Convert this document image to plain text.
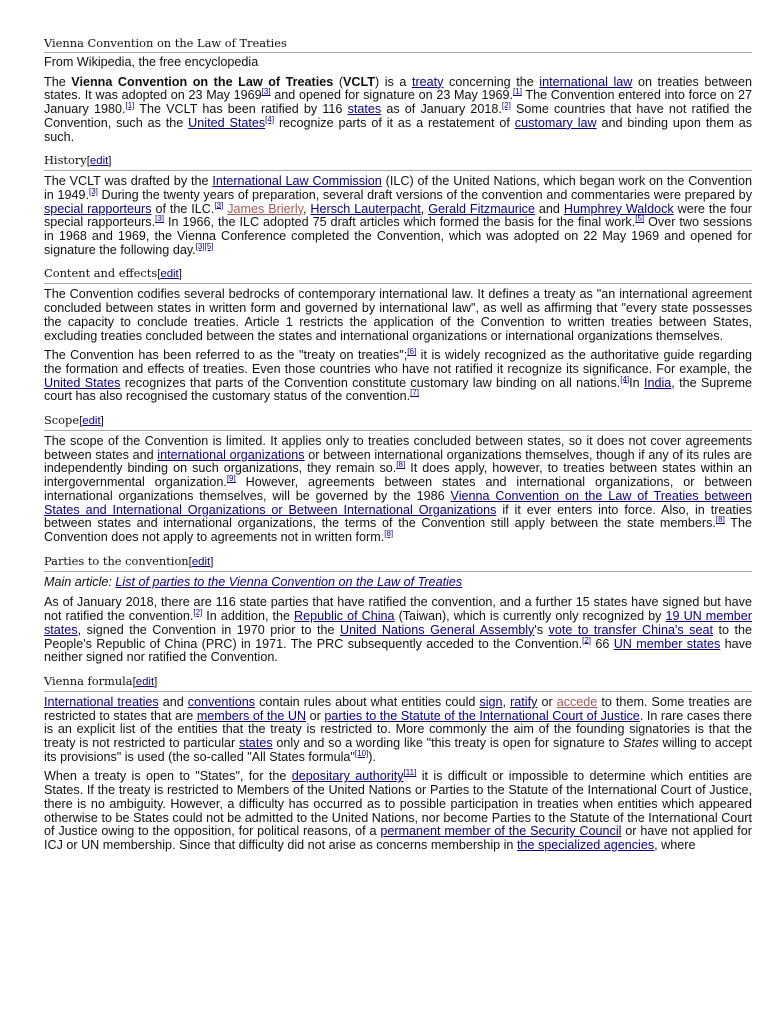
Vienna Convention on the Law of Treaties
From Wikipedia, the free encyclopedia

The Vienna Convention on the Law of Treaties (VCLT) is a treaty concerning the international law on treaties between states. It was adopted on 23 May 1969[3] and opened for signature on 23 May 1969.[1] The Convention entered into force on 27 January 1980.[1] The VCLT has been ratified by 116 states as of January 2018.[2] Some countries that have not ratified the Convention, such as the United States[4] recognize parts of it as a restatement of customary law and binding upon them as such.

History[edit]

The VCLT was drafted by the International Law Commission (ILC) of the United Nations, which began work on the Convention in 1949.[3] During the twenty years of preparation, several draft versions of the convention and commentaries were prepared by special rapporteurs of the ILC.[3] James Brierly, Hersch Lauterpacht, Gerald Fitzmaurice and Humphrey Waldock were the four special rapporteurs.[3] In 1966, the ILC adopted 75 draft articles which formed the basis for the final work.[5] Over two sessions in 1968 and 1969, the Vienna Conference completed the Convention, which was adopted on 22 May 1969 and opened for signature the following day.[3][5]

Content and effects[edit]

The Convention codifies several bedrocks of contemporary international law. It defines a treaty as "an international agreement concluded between states in written form and governed by international law", as well as affirming that "every state possesses the capacity to conclude treaties. Article 1 restricts the application of the Convention to written treaties between States, excluding treaties concluded between the states and international organizations or international organizations themselves.

The Convention has been referred to as the "treaty on treaties";[6] it is widely recognized as the authoritative guide regarding the formation and effects of treaties. Even those countries who have not ratified it recognize its significance. For example, the United States recognizes that parts of the Convention constitute customary law binding on all nations.[4]In India, the Supreme court has also recognised the customary status of the convention.[7]

Scope[edit]

The scope of the Convention is limited. It applies only to treaties concluded between states, so it does not cover agreements between states and international organizations or between international organizations themselves, though if any of its rules are independently binding on such organizations, they remain so.[8] It does apply, however, to treaties between states within an intergovernmental organization.[9] However, agreements between states and international organizations, or between international organizations themselves, will be governed by the 1986 Vienna Convention on the Law of Treaties between States and International Organizations or Between International Organizations if it ever enters into force. Also, in treaties between states and international organizations, the terms of the Convention still apply between the state members.[8] The Convention does not apply to agreements not in written form.[8]

Parties to the convention[edit]
Main article: List of parties to the Vienna Convention on the Law of Treaties

As of January 2018, there are 116 state parties that have ratified the convention, and a further 15 states have signed but have not ratified the convention.[2] In addition, the Republic of China (Taiwan), which is currently only recognized by 19 UN member states, signed the Convention in 1970 prior to the United Nations General Assembly's vote to transfer China's seat to the People's Republic of China (PRC) in 1971. The PRC subsequently acceded to the Convention.[2] 66 UN member states have neither signed nor ratified the Convention.

Vienna formula[edit]

International treaties and conventions contain rules about what entities could sign, ratify or accede to them. Some treaties are restricted to states that are members of the UN or parties to the Statute of the International Court of Justice. In rare cases there is an explicit list of the entities that the treaty is restricted to. More commonly the aim of the founding signatories is that the treaty is not restricted to particular states only and so a wording like "this treaty is open for signature to States willing to accept its provisions" is used (the so-called "All States formula"[10]).

When a treaty is open to "States", for the depositary authority[11] it is difficult or impossible to determine which entities are States. If the treaty is restricted to Members of the United Nations or Parties to the Statute of the International Court of Justice, there is no ambiguity. However, a difficulty has occurred as to possible participation in treaties when entities which appeared otherwise to be States could not be admitted to the United Nations, nor become Parties to the Statute of the International Court of Justice owing to the opposition, for political reasons, of a permanent member of the Security Council or have not applied for ICJ or UN membership. Since that difficulty did not arise as concerns membership in the specialized agencies, where
